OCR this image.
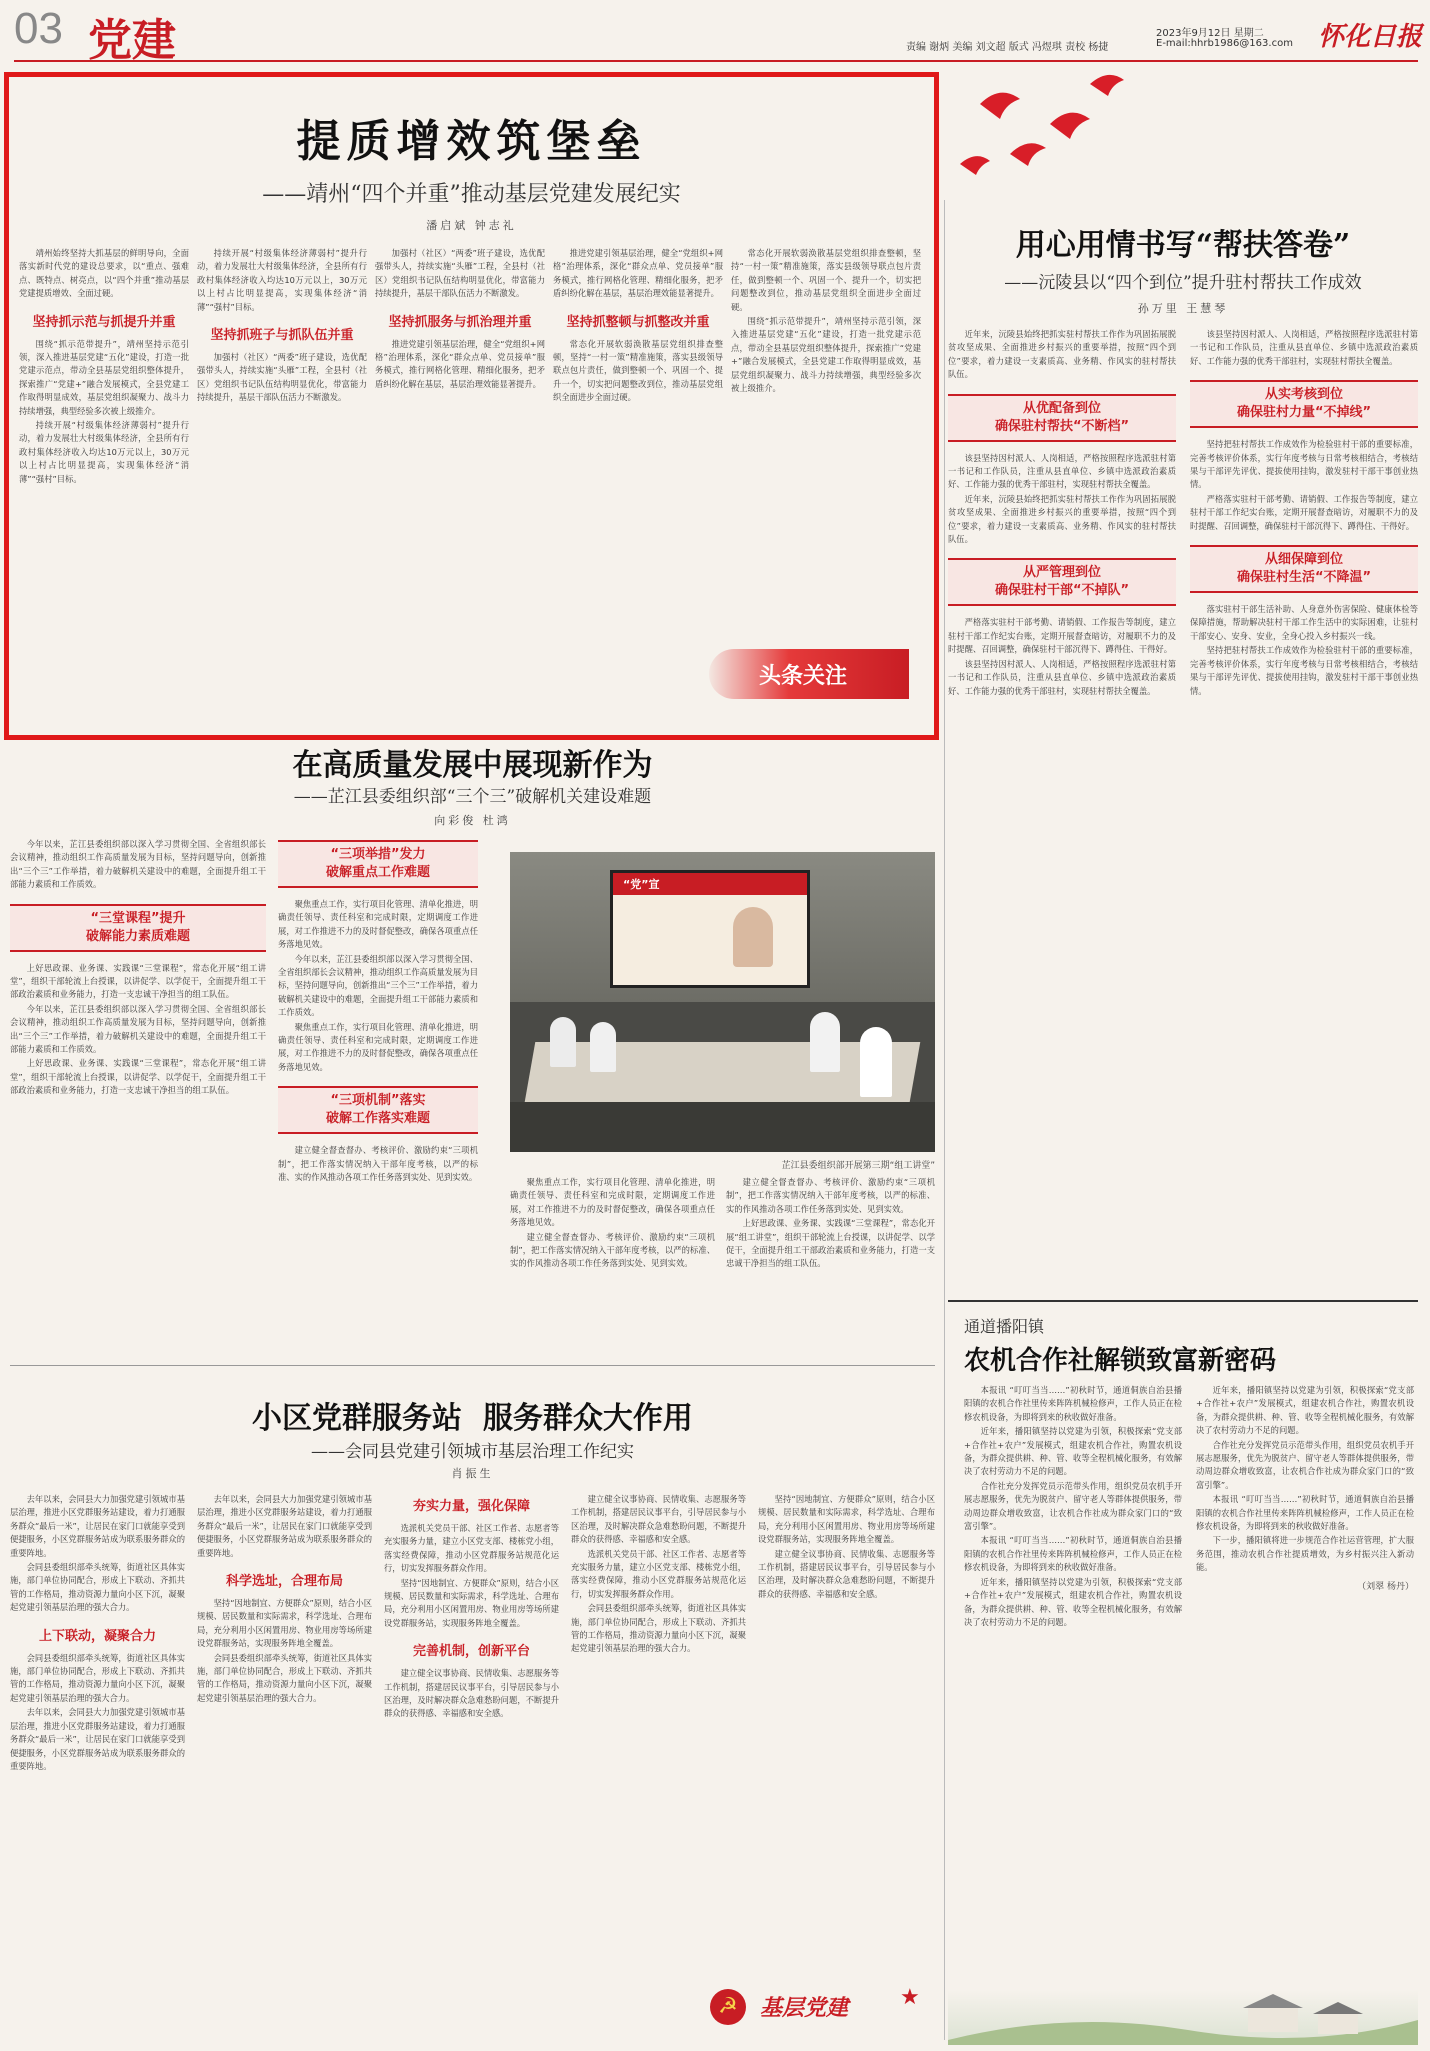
03 党建	责编 谢炳 美编 刘文超 版式 冯煜琪 责校 杨捷
2023年9月12日 星期二
E-mail:hhrb1986@163.com 怀化日报
提质增效筑堡垒
——靖州“四个并重”推动基层党建发展纪实
潘启斌 钟志礼

靖州始终坚持大抓基层的鲜明导向，全面落实新时代党的建设总要求，以“重点、强难点、既特点、树亮点，以“四个并重”推动基层党建提质增效、全面过硬。

坚持抓示范与抓提升并重

围绕“抓示范带提升”，靖州坚持示范引领，深入推进基层党建“五化”建设，打造一批党建示范点，带动全县基层党组织整体提升，探索推广“党建+”融合发展模式，全县党建工作取得明显成效，基层党组织凝聚力、战斗力持续增强，典型经验多次被上级推介。

持续开展“村级集体经济薄弱村”提升行动，着力发展壮大村级集体经济，全县所有行政村集体经济收入均达10万元以上，30万元以上村占比明显提高，实现集体经济“消薄”“强村”目标。

持续开展“村级集体经济薄弱村”提升行动，着力发展壮大村级集体经济，全县所有行政村集体经济收入均达10万元以上，30万元以上村占比明显提高，实现集体经济“消薄”“强村”目标。

坚持抓班子与抓队伍并重

加强村（社区）“两委”班子建设，选优配强带头人，持续实施“头雁”工程，全县村（社区）党组织书记队伍结构明显优化，带富能力持续提升，基层干部队伍活力不断激发。

加强村（社区）“两委”班子建设，选优配强带头人，持续实施“头雁”工程，全县村（社区）党组织书记队伍结构明显优化，带富能力持续提升，基层干部队伍活力不断激发。

坚持抓服务与抓治理并重

推进党建引领基层治理，健全“党组织+网格”治理体系，深化“群众点单、党员接单”服务模式，推行网格化管理、精细化服务，把矛盾纠纷化解在基层，基层治理效能显著提升。

推进党建引领基层治理，健全“党组织+网格”治理体系，深化“群众点单、党员接单”服务模式，推行网格化管理、精细化服务，把矛盾纠纷化解在基层，基层治理效能显著提升。

坚持抓整顿与抓整改并重

常态化开展软弱涣散基层党组织排查整顿，坚持“一村一策”精准施策，落实县级领导联点包片责任，做到整顿一个、巩固一个、提升一个，切实把问题整改到位，推动基层党组织全面进步全面过硬。

常态化开展软弱涣散基层党组织排查整顿，坚持“一村一策”精准施策，落实县级领导联点包片责任，做到整顿一个、巩固一个、提升一个，切实把问题整改到位，推动基层党组织全面进步全面过硬。

围绕“抓示范带提升”，靖州坚持示范引领，深入推进基层党建“五化”建设，打造一批党建示范点，带动全县基层党组织整体提升，探索推广“党建+”融合发展模式，全县党建工作取得明显成效，基层党组织凝聚力、战斗力持续增强，典型经验多次被上级推介。

头条关注
用心用情书写“帮扶答卷”
——沅陵县以“四个到位”提升驻村帮扶工作成效
孙万里 王慧琴

近年来，沅陵县始终把抓实驻村帮扶工作作为巩固拓展脱贫攻坚成果、全面推进乡村振兴的重要举措，按照“四个到位”要求，着力建设一支素质高、业务精、作风实的驻村帮扶队伍。

从优配备到位
确保驻村帮扶“不断档”

该县坚持因村派人、人岗相适，严格按照程序选派驻村第一书记和工作队员，注重从县直单位、乡镇中选派政治素质好、工作能力强的优秀干部驻村，实现驻村帮扶全覆盖。

近年来，沅陵县始终把抓实驻村帮扶工作作为巩固拓展脱贫攻坚成果、全面推进乡村振兴的重要举措，按照“四个到位”要求，着力建设一支素质高、业务精、作风实的驻村帮扶队伍。

从严管理到位
确保驻村干部“不掉队”

严格落实驻村干部考勤、请销假、工作报告等制度，建立驻村干部工作纪实台账，定期开展督查暗访，对履职不力的及时提醒、召回调整，确保驻村干部沉得下、蹲得住、干得好。

该县坚持因村派人、人岗相适，严格按照程序选派驻村第一书记和工作队员，注重从县直单位、乡镇中选派政治素质好、工作能力强的优秀干部驻村，实现驻村帮扶全覆盖。

该县坚持因村派人、人岗相适，严格按照程序选派驻村第一书记和工作队员，注重从县直单位、乡镇中选派政治素质好、工作能力强的优秀干部驻村，实现驻村帮扶全覆盖。

从实考核到位
确保驻村力量“不掉线”

坚持把驻村帮扶工作成效作为检验驻村干部的重要标准，完善考核评价体系，实行年度考核与日常考核相结合，考核结果与干部评先评优、提拔使用挂钩，激发驻村干部干事创业热情。

严格落实驻村干部考勤、请销假、工作报告等制度，建立驻村干部工作纪实台账，定期开展督查暗访，对履职不力的及时提醒、召回调整，确保驻村干部沉得下、蹲得住、干得好。

从细保障到位
确保驻村生活“不降温”

落实驻村干部生活补助、人身意外伤害保险、健康体检等保障措施，帮助解决驻村干部工作生活中的实际困难，让驻村干部安心、安身、安业，全身心投入乡村振兴一线。

坚持把驻村帮扶工作成效作为检验驻村干部的重要标准，完善考核评价体系，实行年度考核与日常考核相结合，考核结果与干部评先评优、提拔使用挂钩，激发驻村干部干事创业热情。

在高质量发展中展现新作为
——芷江县委组织部“三个三”破解机关建设难题
向彩俊 杜鸿

今年以来，芷江县委组织部以深入学习贯彻全国、全省组织部长会议精神，推动组织工作高质量发展为目标，坚持问题导向，创新推出“三个三”工作举措，着力破解机关建设中的难题，全面提升组工干部能力素质和工作质效。

“三堂课程”提升
破解能力素质难题

上好思政课、业务课、实践课“三堂课程”，常态化开展“组工讲堂”，组织干部轮流上台授课，以讲促学、以学促干，全面提升组工干部政治素质和业务能力，打造一支忠诚干净担当的组工队伍。

今年以来，芷江县委组织部以深入学习贯彻全国、全省组织部长会议精神，推动组织工作高质量发展为目标，坚持问题导向，创新推出“三个三”工作举措，着力破解机关建设中的难题，全面提升组工干部能力素质和工作质效。

上好思政课、业务课、实践课“三堂课程”，常态化开展“组工讲堂”，组织干部轮流上台授课，以讲促学、以学促干，全面提升组工干部政治素质和业务能力，打造一支忠诚干净担当的组工队伍。

“三项举措”发力
破解重点工作难题

聚焦重点工作，实行项目化管理、清单化推进，明确责任领导、责任科室和完成时限，定期调度工作进展，对工作推进不力的及时督促整改，确保各项重点任务落地见效。

今年以来，芷江县委组织部以深入学习贯彻全国、全省组织部长会议精神，推动组织工作高质量发展为目标，坚持问题导向，创新推出“三个三”工作举措，着力破解机关建设中的难题，全面提升组工干部能力素质和工作质效。

聚焦重点工作，实行项目化管理、清单化推进，明确责任领导、责任科室和完成时限，定期调度工作进展，对工作推进不力的及时督促整改，确保各项重点任务落地见效。

“三项机制”落实
破解工作落实难题

建立健全督查督办、考核评价、激励约束“三项机制”，把工作落实情况纳入干部年度考核，以严的标准、实的作风推动各项工作任务落到实处、见到实效。

“党”宣
芷江县委组织部开展第三期“组工讲堂”

聚焦重点工作，实行项目化管理、清单化推进，明确责任领导、责任科室和完成时限，定期调度工作进展，对工作推进不力的及时督促整改，确保各项重点任务落地见效。

建立健全督查督办、考核评价、激励约束“三项机制”，把工作落实情况纳入干部年度考核，以严的标准、实的作风推动各项工作任务落到实处、见到实效。

建立健全督查督办、考核评价、激励约束“三项机制”，把工作落实情况纳入干部年度考核，以严的标准、实的作风推动各项工作任务落到实处、见到实效。

上好思政课、业务课、实践课“三堂课程”，常态化开展“组工讲堂”，组织干部轮流上台授课，以讲促学、以学促干，全面提升组工干部政治素质和业务能力，打造一支忠诚干净担当的组工队伍。

小区党群服务站  服务群众大作用
——会同县党建引领城市基层治理工作纪实
肖振生

去年以来，会同县大力加强党建引领城市基层治理，推进小区党群服务站建设，着力打通服务群众“最后一米”，让居民在家门口就能享受到便捷服务，小区党群服务站成为联系服务群众的重要阵地。

会同县委组织部牵头统筹，街道社区具体实施，部门单位协同配合，形成上下联动、齐抓共管的工作格局，推动资源力量向小区下沉，凝聚起党建引领基层治理的强大合力。

上下联动，凝聚合力

会同县委组织部牵头统筹，街道社区具体实施，部门单位协同配合，形成上下联动、齐抓共管的工作格局，推动资源力量向小区下沉，凝聚起党建引领基层治理的强大合力。

去年以来，会同县大力加强党建引领城市基层治理，推进小区党群服务站建设，着力打通服务群众“最后一米”，让居民在家门口就能享受到便捷服务，小区党群服务站成为联系服务群众的重要阵地。

去年以来，会同县大力加强党建引领城市基层治理，推进小区党群服务站建设，着力打通服务群众“最后一米”，让居民在家门口就能享受到便捷服务，小区党群服务站成为联系服务群众的重要阵地。

科学选址，合理布局

坚持“因地制宜、方便群众”原则，结合小区规模、居民数量和实际需求，科学选址、合理布局，充分利用小区闲置用房、物业用房等场所建设党群服务站，实现服务阵地全覆盖。

会同县委组织部牵头统筹，街道社区具体实施，部门单位协同配合，形成上下联动、齐抓共管的工作格局，推动资源力量向小区下沉，凝聚起党建引领基层治理的强大合力。

夯实力量，强化保障

选派机关党员干部、社区工作者、志愿者等充实服务力量，建立小区党支部、楼栋党小组，落实经费保障，推动小区党群服务站规范化运行，切实发挥服务群众作用。

坚持“因地制宜、方便群众”原则，结合小区规模、居民数量和实际需求，科学选址、合理布局，充分利用小区闲置用房、物业用房等场所建设党群服务站，实现服务阵地全覆盖。

完善机制，创新平台

建立健全议事协商、民情收集、志愿服务等工作机制，搭建居民议事平台，引导居民参与小区治理，及时解决群众急难愁盼问题，不断提升群众的获得感、幸福感和安全感。

建立健全议事协商、民情收集、志愿服务等工作机制，搭建居民议事平台，引导居民参与小区治理，及时解决群众急难愁盼问题，不断提升群众的获得感、幸福感和安全感。

选派机关党员干部、社区工作者、志愿者等充实服务力量，建立小区党支部、楼栋党小组，落实经费保障，推动小区党群服务站规范化运行，切实发挥服务群众作用。

会同县委组织部牵头统筹，街道社区具体实施，部门单位协同配合，形成上下联动、齐抓共管的工作格局，推动资源力量向小区下沉，凝聚起党建引领基层治理的强大合力。

坚持“因地制宜、方便群众”原则，结合小区规模、居民数量和实际需求，科学选址、合理布局，充分利用小区闲置用房、物业用房等场所建设党群服务站，实现服务阵地全覆盖。

建立健全议事协商、民情收集、志愿服务等工作机制，搭建居民议事平台，引导居民参与小区治理，及时解决群众急难愁盼问题，不断提升群众的获得感、幸福感和安全感。

☭	基层党建 ★
通道播阳镇
农机合作社解锁致富新密码

本报讯 “叮叮当当……”初秋时节，通道侗族自治县播阳镇的农机合作社里传来阵阵机械检修声，工作人员正在检修农机设备，为即将到来的秋收做好准备。

近年来，播阳镇坚持以党建为引领，积极探索“党支部+合作社+农户”发展模式，组建农机合作社，购置农机设备，为群众提供耕、种、管、收等全程机械化服务，有效解决了农村劳动力不足的问题。

合作社充分发挥党员示范带头作用，组织党员农机手开展志愿服务，优先为脱贫户、留守老人等群体提供服务，带动周边群众增收致富，让农机合作社成为群众家门口的“致富引擎”。

本报讯 “叮叮当当……”初秋时节，通道侗族自治县播阳镇的农机合作社里传来阵阵机械检修声，工作人员正在检修农机设备，为即将到来的秋收做好准备。

近年来，播阳镇坚持以党建为引领，积极探索“党支部+合作社+农户”发展模式，组建农机合作社，购置农机设备，为群众提供耕、种、管、收等全程机械化服务，有效解决了农村劳动力不足的问题。

近年来，播阳镇坚持以党建为引领，积极探索“党支部+合作社+农户”发展模式，组建农机合作社，购置农机设备，为群众提供耕、种、管、收等全程机械化服务，有效解决了农村劳动力不足的问题。

合作社充分发挥党员示范带头作用，组织党员农机手开展志愿服务，优先为脱贫户、留守老人等群体提供服务，带动周边群众增收致富，让农机合作社成为群众家门口的“致富引擎”。

本报讯 “叮叮当当……”初秋时节，通道侗族自治县播阳镇的农机合作社里传来阵阵机械检修声，工作人员正在检修农机设备，为即将到来的秋收做好准备。

下一步，播阳镇将进一步规范合作社运营管理，扩大服务范围，推动农机合作社提质增效，为乡村振兴注入新动能。

（刘翠 杨丹）
